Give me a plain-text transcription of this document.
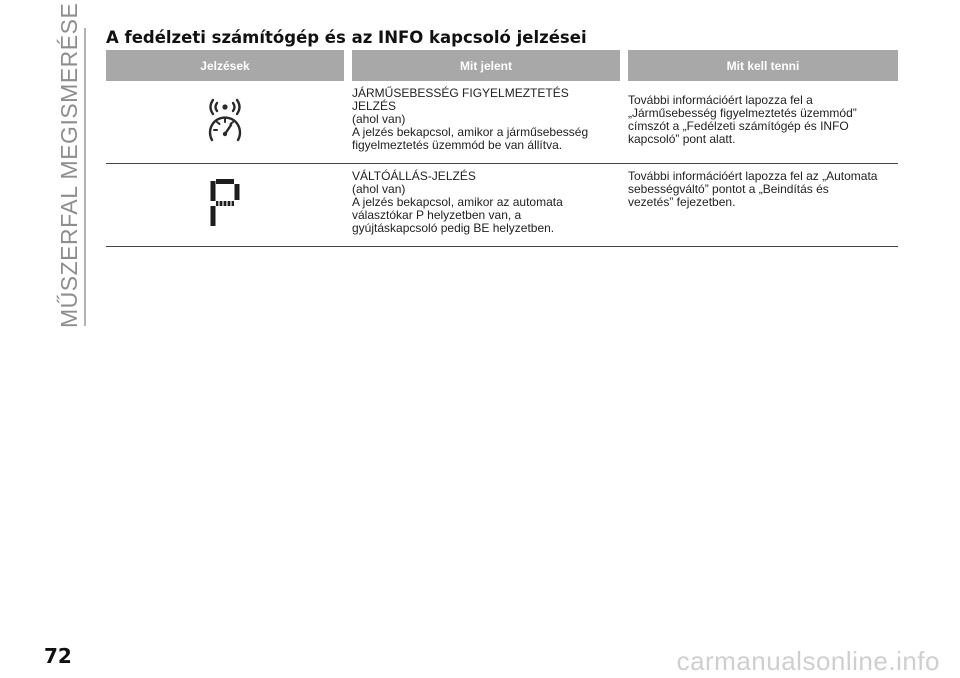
MŰSZERFAL MEGISMERÉSE A fedélzeti számítógép és az INFO kapcsoló jelzései
Jelzések		Mit jelent		Mit kell tenni
		JÁRMŰSEBESSÉG FIGYELMEZTETÉS
JELZÉS
(ahol van)
A jelzés bekapcsol, amikor a járműsebesség
figyelmeztetés üzemmód be van állítva.		További információért lapozza fel a
„Járműsebesség figyelmeztetés üzemmód”
címszót a „Fedélzeti számítógép és INFO
kapcsoló” pont alatt.
		VÁLTÓÁLLÁS-JELZÉS
(ahol van)
A jelzés bekapcsol, amikor az automata
választókar P helyzetben van, a
gyújtáskapcsoló pedig BE helyzetben.		További információért lapozza fel az „Automata
sebességváltó” pontot a „Beindítás és
vezetés” fejezetben.
72	carmanualsonline.info
